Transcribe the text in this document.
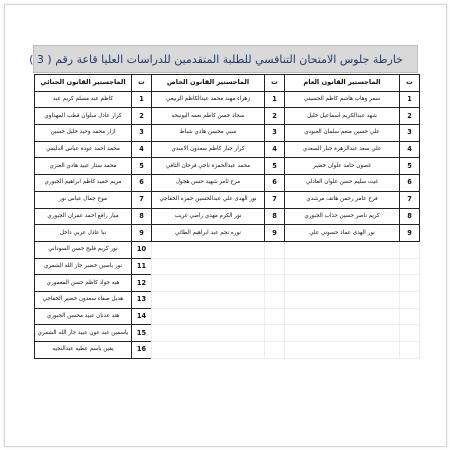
خارطة جلوس الامتحان التنافسي للطلبة المتقدمين للدراسات العليا قاعة رقم ( 3 )
ت	الماجستير القانون العام	ت	الماجستير القانون الخاص	ت	الماجستير القانون الجنائي
1	سمر وهاب هاشم كاظم الحسيني	1	زهراء مهند محمد عبدالكاظم الربيعي	1	كاظم عبد مسلم كريم عبد
2	شهد عبدالكريم اسماعيل خليل	2	سجاد حسن كاظم نعمه اليونيحه	2	كرار عادل سلوان قطب المهداوي
3	علي حسين منعم سلمان العبودي	3	سبي محسن هادي شباط	3	ازار محمد وحيد خليل حسين
4	علي سعد عبدالزهرة جبار السعدي	4	كرار جبار كاظم سعدون الاسدي	4	محمد احمد عودة عباس الدليمي
5	غصون حامد علوان خضير	5	محمد عبدالحمزة ناجي فرحان التافي	5	محمد ستار عبيد هادي العنزي
6	غيث سليم حسن علوان العادلي	6	مرح ثامر شهيد حسن هجول	6	مريم حميد كاظم ابراهيم الجبوري
7	فرح عامر رحمن هاتف مرشدي	7	نور الهدى علي عبدالحسين حمزه الخفاجي	7	موج جمال عباس نور
8	كريم ناصر حسين جذاب الجبوري	8	نور الكرم مهدي راضي غريب	8	ميار رافع احمد عمران الجبوري
9	نور الهدى عماد حسوني علي	9	نوره نجم عبد ابراهيم الطائي	9	نبا عادل عربي داخل
				10	نور كريم فليح حسن السوداني
				11	نور ياسين خضير جار الله الشمري
				12	هبه جواد كاظم حسن المعموري
				13	هديل صفاء سعدون خضير الخفاجي
				14	هند عدنان عبيد محسن الجبوري
				15	ياسمين عبد عون عبيد جار الله الشمري
				16	يقين باسم عطيه عبدالنجيه
